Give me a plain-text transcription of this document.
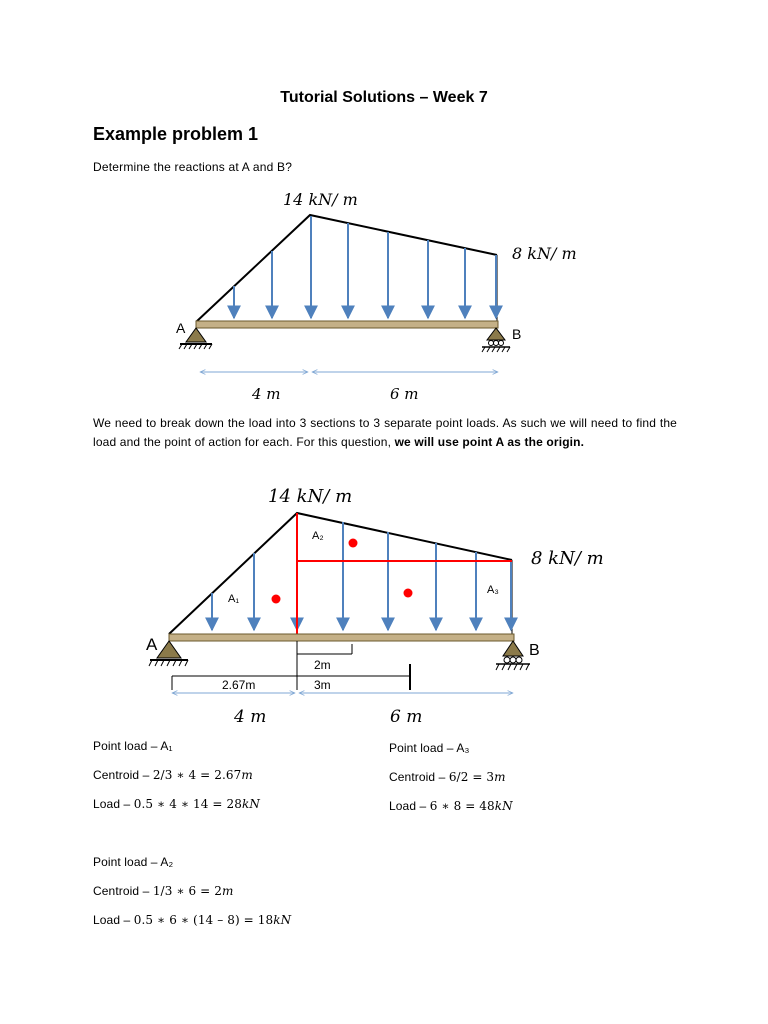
Tutorial Solutions – Week 7
Example problem 1
Determine the reactions at A and B?
14 kN/ m
8 kN/ m
A	B
4 m	6 m
We need to break down the load into 3 sections to 3 separate point loads. As such we will need to find the load and the point of action for each. For this question, we will use point A as the origin.
14 kN/ m
8 kN/ m
A₂
A₁
A₃
A	B
2m
2.67m	3m
4 m	6 m
Point load – A₁
Centroid – 2/3 ∗ 4 = 2.67m
Load – 0.5 ∗ 4 ∗ 14 = 28kN
Point load – A₃
Centroid – 6/2 = 3m
Load – 6 ∗ 8 = 48kN
Point load – A₂
Centroid – 1/3 ∗ 6 = 2m
Load – 0.5 ∗ 6 ∗ (14 – 8) = 18kN
